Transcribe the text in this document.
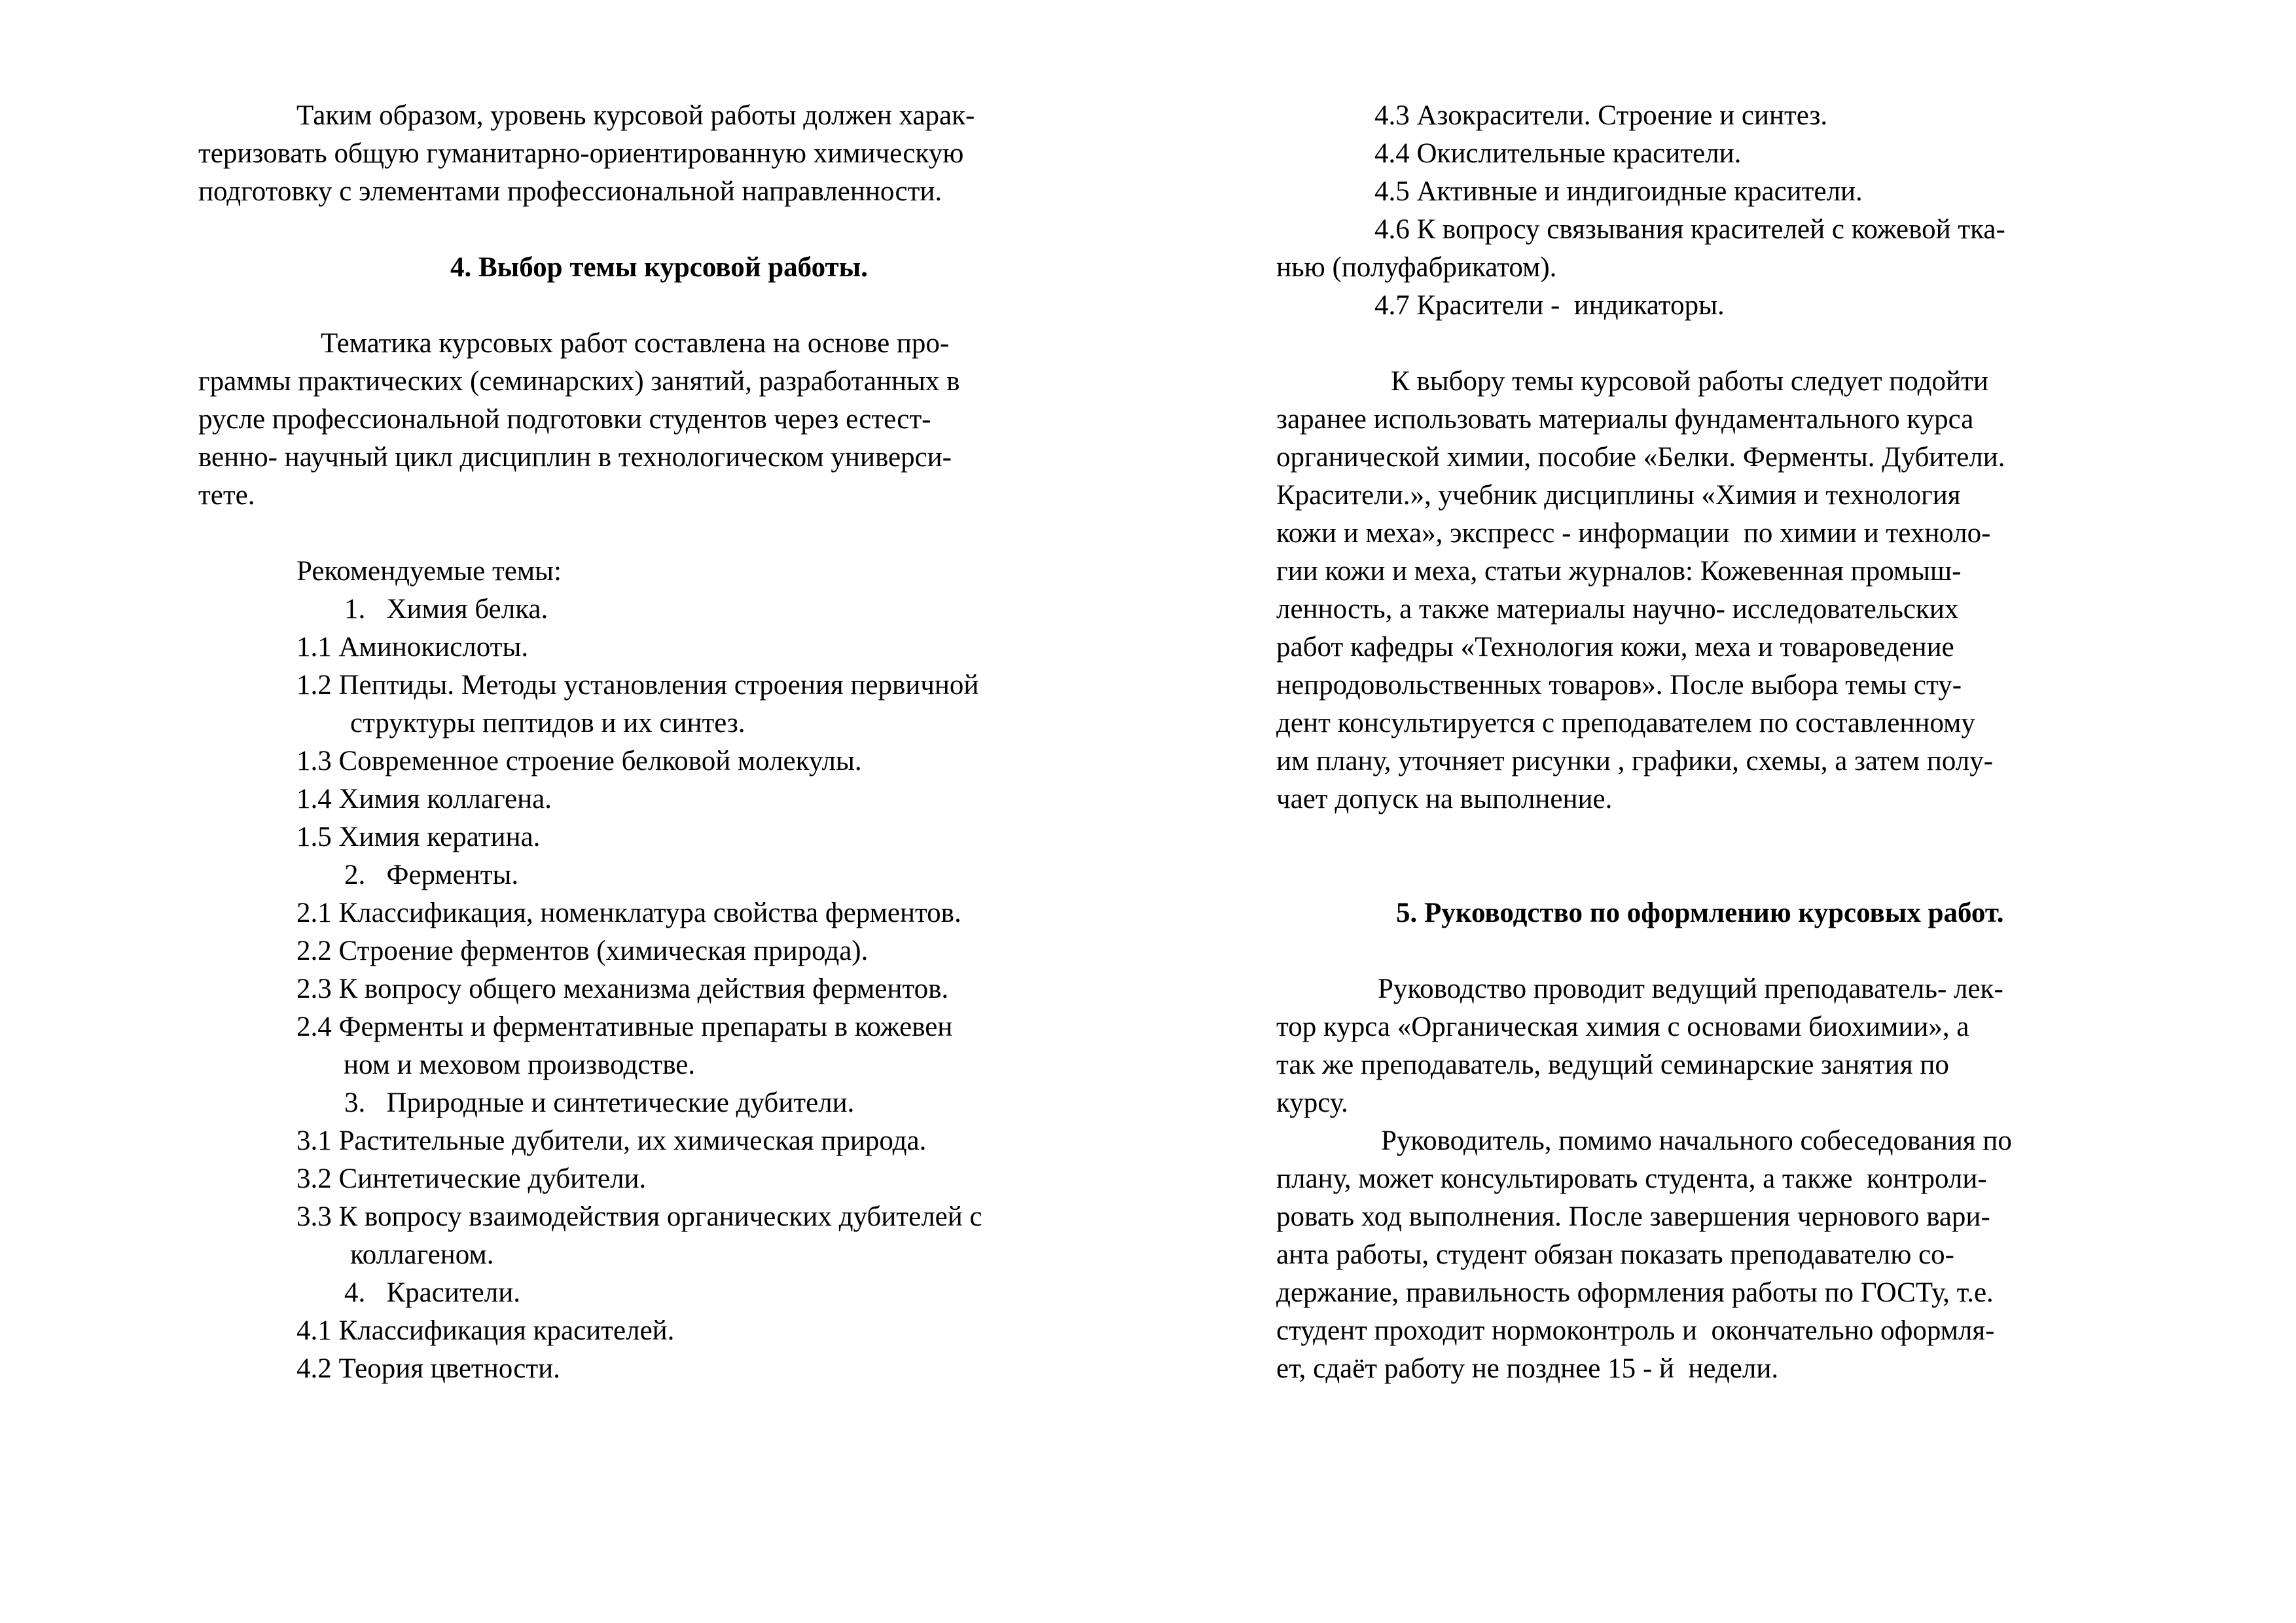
Таким образом, уровень курсовой работы должен харак-
теризовать общую гуманитарно-ориентированную химическую
подготовку с элементами профессиональной направленности.
4. Выбор темы курсовой работы.
Тематика курсовых работ составлена на основе про-
граммы практических (семинарских) занятий, разработанных в
русле профессиональной подготовки студентов через естест-
венно- научный цикл дисциплин в технологическом универси-
тете.
Рекомендуемые темы:
1.   Химия белка.
1.1 Аминокислоты.
1.2 Пептиды. Методы установления строения первичной
структуры пептидов и их синтез.
1.3 Современное строение белковой молекулы.
1.4 Химия коллагена.
1.5 Химия кератина.
2.   Ферменты.
2.1 Классификация, номенклатура свойства ферментов.
2.2 Строение ферментов (химическая природа).
2.3 К вопросу общего механизма действия ферментов.
2.4 Ферменты и ферментативные препараты в кожевен
ном и меховом производстве.
3.   Природные и синтетические дубители.
3.1 Растительные дубители, их химическая природа.
3.2 Синтетические дубители.
3.3 К вопросу взаимодействия органических дубителей с
коллагеном.
4.   Красители.
4.1 Классификация красителей.
4.2 Теория цветности.
4.3 Азокрасители. Строение и синтез.
4.4 Окислительные красители.
4.5 Активные и индигоидные красители.
4.6 К вопросу связывания красителей с кожевой тка-
нью (полуфабрикатом).
4.7 Красители -  индикаторы.
К выбору темы курсовой работы следует подойти
заранее использовать материалы фундаментального курса
органической химии, пособие «Белки. Ферменты. Дубители.
Красители.», учебник дисциплины «Химия и технология
кожи и меха», экспресс - информации  по химии и техноло-
гии кожи и меха, статьи журналов: Кожевенная промыш-
ленность, а также материалы научно- исследовательских
работ кафедры «Технология кожи, меха и товароведение
непродовольственных товаров». После выбора темы сту-
дент консультируется с преподавателем по составленному
им плану, уточняет рисунки , графики, схемы, а затем полу-
чает допуск на выполнение.
5. Руководство по оформлению курсовых работ.
Руководство проводит ведущий преподаватель- лек-
тор курса «Органическая химия с основами биохимии», а
так же преподаватель, ведущий семинарские занятия по
курсу.
Руководитель, помимо начального собеседования по
плану, может консультировать студента, а также  контроли-
ровать ход выполнения. После завершения чернового вари-
анта работы, студент обязан показать преподавателю со-
держание, правильность оформления работы по ГОСТу, т.е.
студент проходит нормоконтроль и  окончательно оформля-
ет, сдаёт работу не позднее 15 - й  недели.
